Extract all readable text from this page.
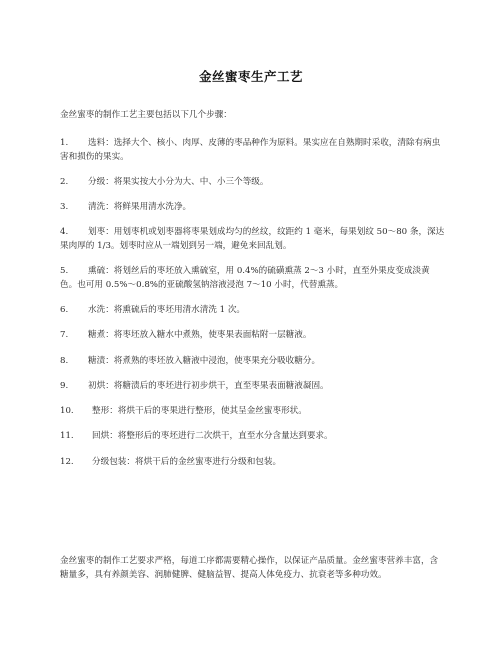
金丝蜜枣生产工艺
金丝蜜枣的制作工艺主要包括以下几个步骤：
1. 选料：选择大个、核小、肉厚、皮薄的枣品种作为原料。果实应在自熟期时采收，清除有病虫害和损伤的果实。
2. 分级：将果实按大小分为大、中、小三个等级。
3. 清洗：将鲜果用清水洗净。
4. 划枣：用划枣机或划枣器将枣果划成均匀的丝纹，纹距约 1 毫米，每果划纹 50～80 条，深达果肉厚的 1/3。划枣时应从一端划到另一端，避免来回乱划。
5. 熏硫：将划丝后的枣坯放入熏硫室，用 0.4%的硫磺熏蒸 2～3 小时，直至外果皮变成淡黄色。也可用 0.5%～0.8%的亚硫酸氢钠溶液浸泡 7～10 小时，代替熏蒸。
6. 水洗：将熏硫后的枣坯用清水清洗 1 次。
7. 糖煮：将枣坯放入糖水中煮熟，使枣果表面粘附一层糖液。
8. 糖渍：将煮熟的枣坯放入糖液中浸泡，使枣果充分吸收糖分。
9. 初烘：将糖渍后的枣坯进行初步烘干，直至枣果表面糖液凝固。
10. 整形：将烘干后的枣果进行整形，使其呈金丝蜜枣形状。
11. 回烘：将整形后的枣坯进行二次烘干，直至水分含量达到要求。
12. 分级包装：将烘干后的金丝蜜枣进行分级和包装。
金丝蜜枣的制作工艺要求严格，每道工序都需要精心操作，以保证产品质量。金丝蜜枣营养丰富，含糖量多，具有养颜美容、润肺健脾、健脑益智、提高人体免疫力、抗衰老等多种功效。
